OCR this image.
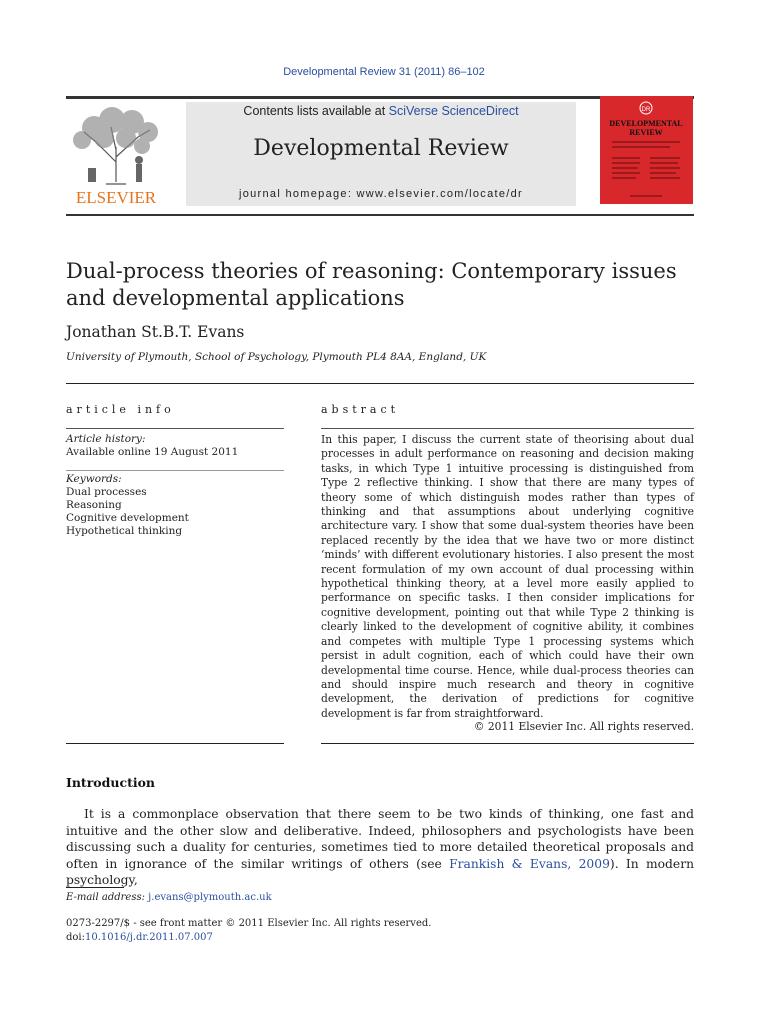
Developmental Review 31 (2011) 86–102
ELSEVIER
Contents lists available at SciVerse ScienceDirect
Developmental Review
journal homepage: www.elsevier.com/locate/dr
DR
DEVELOPMENTAL
REVIEW
Dual-process theories of reasoning: Contemporary issues and developmental applications
Jonathan St.B.T. Evans
University of Plymouth, School of Psychology, Plymouth PL4 8AA, England, UK
article info	abstract
Article history:
Available online 19 August 2011
Keywords:
Dual processes
Reasoning
Cognitive development
Hypothetical thinking
In this paper, I discuss the current state of theorising about dual processes in adult performance on reasoning and decision making tasks, in which Type 1 intuitive processing is distinguished from Type 2 reflective thinking. I show that there are many types of theory some of which distinguish modes rather than types of thinking and that assumptions about underlying cognitive architecture vary. I show that some dual-system theories have been replaced recently by the idea that we have two or more distinct ‘minds’ with different evolutionary histories. I also present the most recent formulation of my own account of dual processing within hypothetical thinking theory, at a level more easily applied to performance on specific tasks. I then consider implications for cognitive development, pointing out that while Type 2 thinking is clearly linked to the development of cognitive ability, it combines and competes with multiple Type 1 processing systems which persist in adult cognition, each of which could have their own developmental time course. Hence, while dual-process theories can and should inspire much research and theory in cognitive development, the derivation of predictions for cognitive development is far from straightforward.
© 2011 Elsevier Inc. All rights reserved.
Introduction
It is a commonplace observation that there seem to be two kinds of thinking, one fast and intuitive and the other slow and deliberative. Indeed, philosophers and psychologists have been discussing such a duality for centuries, sometimes tied to more detailed theoretical proposals and often in ignorance of the similar writings of others (see Frankish & Evans, 2009). In modern psychology,
E-mail address: j.evans@plymouth.ac.uk
0273-2297/$ - see front matter © 2011 Elsevier Inc. All rights reserved.
doi:10.1016/j.dr.2011.07.007
